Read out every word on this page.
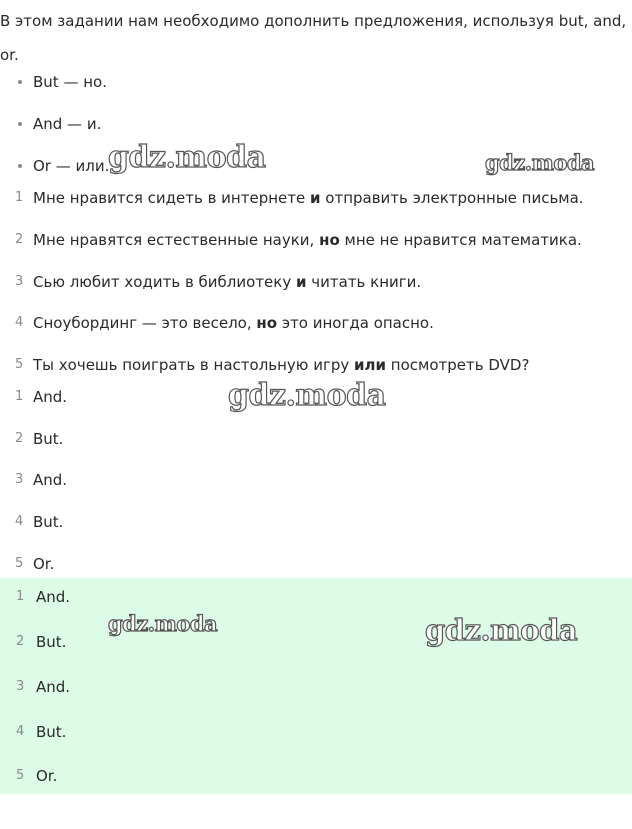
В этом задании нам необходимо дополнить предложения, используя but, and, or.

But — но.
And — и.
Or — или.
1 Мне нравится сидеть в интернете и отправить электронные письма.
2 Мне нравятся естественные науки, но мне не нравится математика.
3 Сью любит ходить в библиотеку и читать книги.
4 Сноубординг — это весело, но это иногда опасно.
5 Ты хочешь поиграть в настольную игру или посмотреть DVD?
1 And.
2 But.
3 And.
4 But.
5 Or.
1 And.
2 But.
3 And.
4 But.
5 Or.
gdz.moda	gdz.moda
gdz.moda
gdz.moda	gdz.moda
